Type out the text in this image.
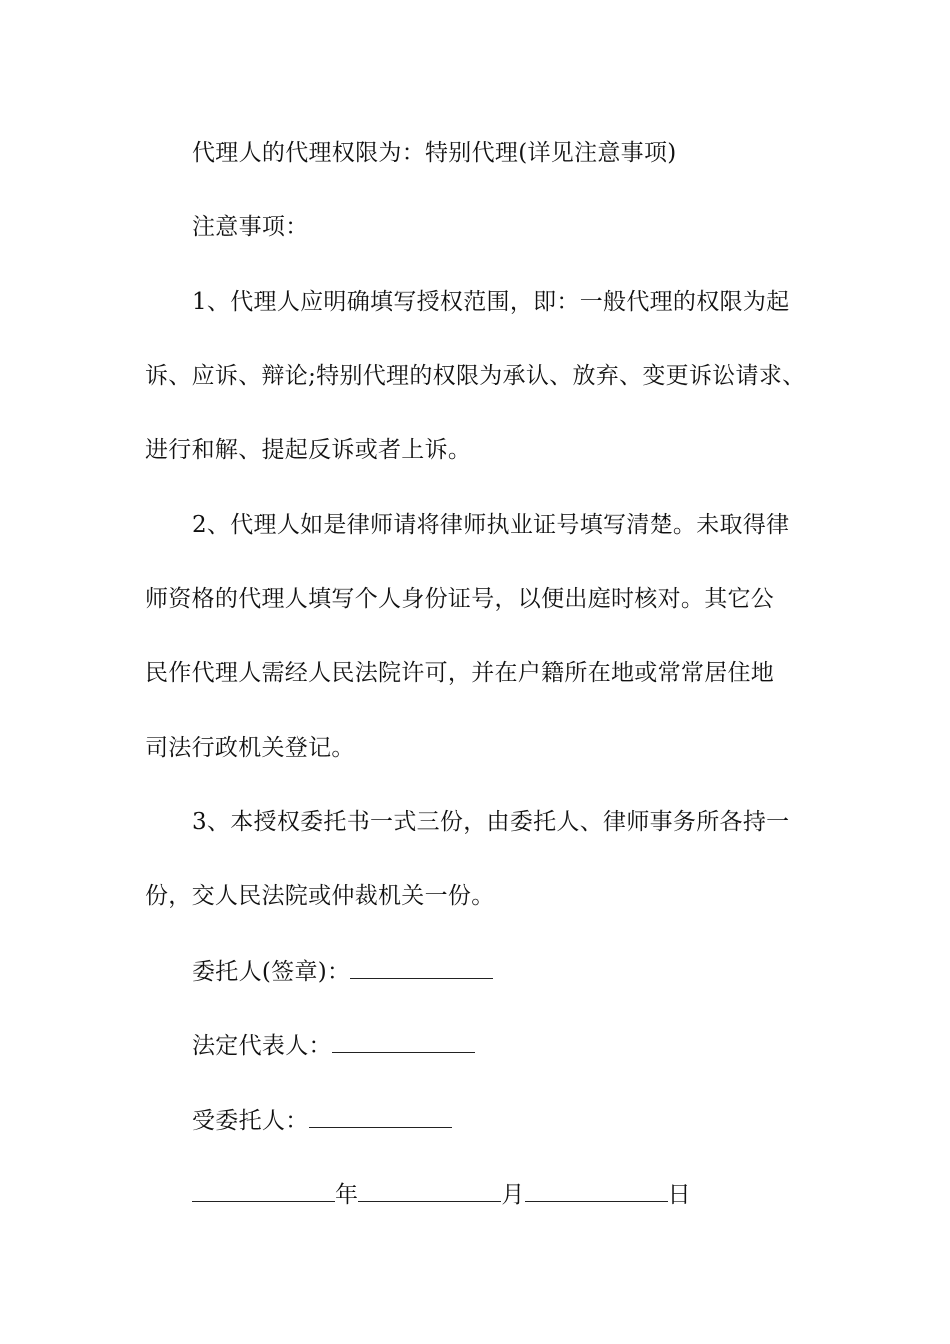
代理人的代理权限为：特别代理(详见注意事项)
注意事项：
1、代理人应明确填写授权范围，即：一般代理的权限为起
诉、应诉、辩论;特别代理的权限为承认、放弃、变更诉讼请求、
进行和解、提起反诉或者上诉。
2、代理人如是律师请将律师执业证号填写清楚。未取得律
师资格的代理人填写个人身份证号，以便出庭时核对。其它公
民作代理人需经人民法院许可，并在户籍所在地或常常居住地
司法行政机关登记。
3、本授权委托书一式三份，由委托人、律师事务所各持一
份，交人民法院或仲裁机关一份。
委托人(签章)：
法定代表人：
受委托人：
年	月	日
